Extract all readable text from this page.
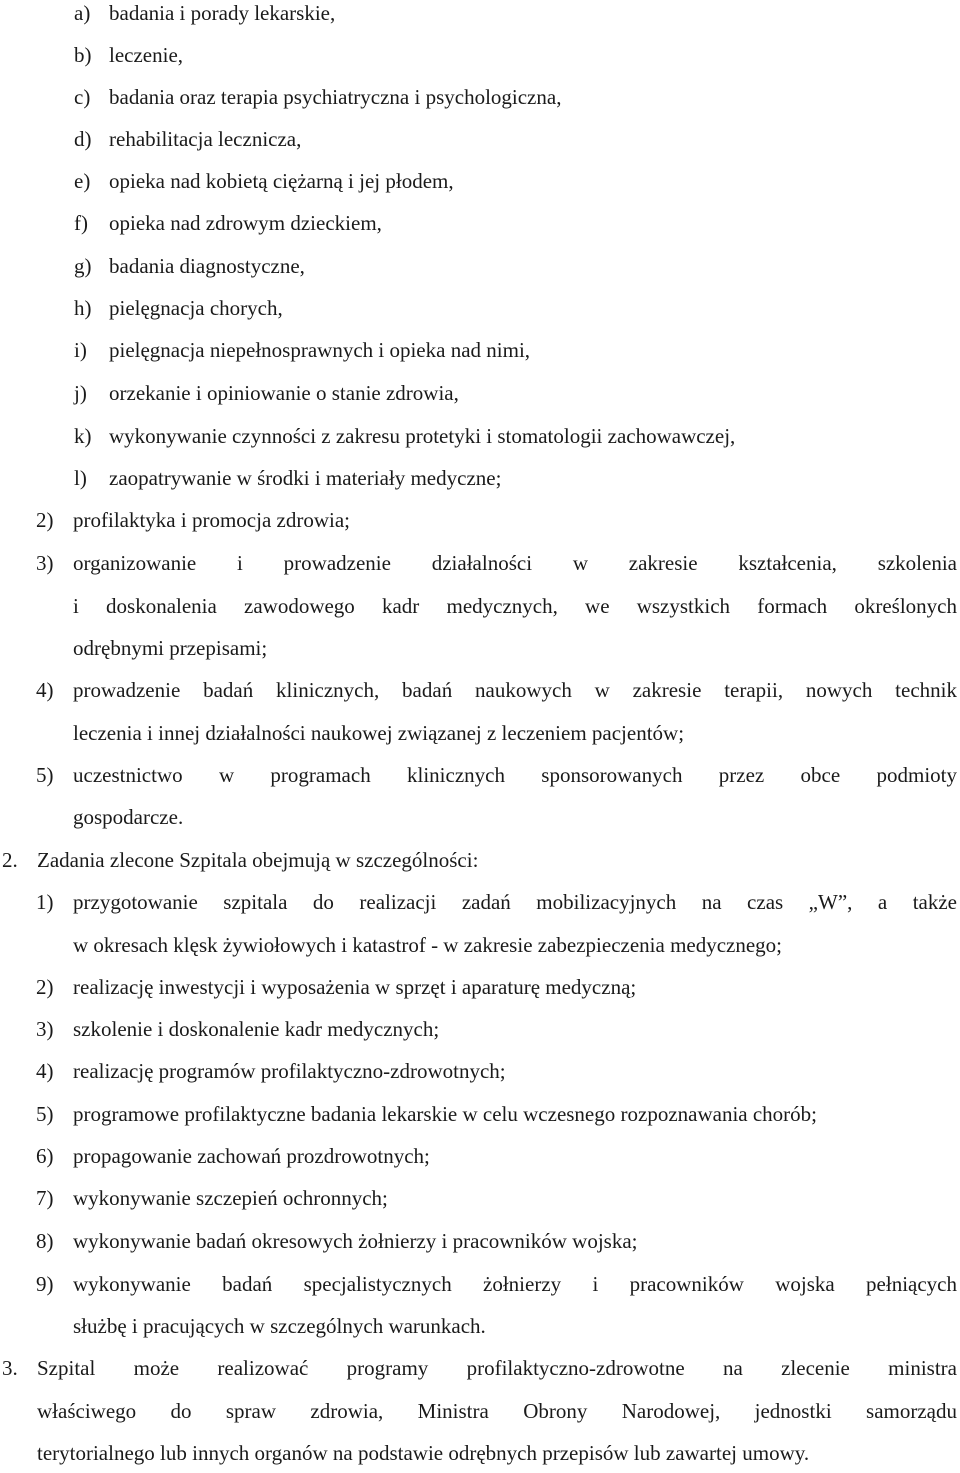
a) badania i porady lekarskie,
b) leczenie,
c) badania oraz terapia psychiatryczna i psychologiczna,
d) rehabilitacja lecznicza,
e) opieka nad kobietą ciężarną i jej płodem,
f) opieka nad zdrowym dzieckiem,
g) badania diagnostyczne,
h) pielęgnacja chorych,
i) pielęgnacja niepełnosprawnych i opieka nad nimi,
j) orzekanie i opiniowanie o stanie zdrowia,
k) wykonywanie czynności z zakresu protetyki i stomatologii zachowawczej,
l) zaopatrywanie w środki i materiały medyczne;
2) profilaktyka i promocja zdrowia;
3) organizowanie i prowadzenie działalności w zakresie kształcenia, szkolenia
i doskonalenia zawodowego kadr medycznych, we wszystkich formach określonych
odrębnymi przepisami;
4) prowadzenie badań klinicznych, badań naukowych w zakresie terapii, nowych technik
leczenia i innej działalności naukowej związanej z leczeniem pacjentów;
5) uczestnictwo w programach klinicznych sponsorowanych przez obce podmioty
gospodarcze.
2. Zadania zlecone Szpitala obejmują w szczególności:
1) przygotowanie szpitala do realizacji zadań mobilizacyjnych na czas „W”, a także
w okresach klęsk żywiołowych i katastrof - w zakresie zabezpieczenia medycznego;
2) realizację inwestycji i wyposażenia w sprzęt i aparaturę medyczną;
3) szkolenie i doskonalenie kadr medycznych;
4) realizację programów profilaktyczno-zdrowotnych;
5) programowe profilaktyczne badania lekarskie w celu wczesnego rozpoznawania chorób;
6) propagowanie zachowań prozdrowotnych;
7) wykonywanie szczepień ochronnych;
8) wykonywanie badań okresowych żołnierzy i pracowników wojska;
9) wykonywanie badań specjalistycznych żołnierzy i pracowników wojska pełniących
służbę i pracujących w szczególnych warunkach.
3. Szpital może realizować programy profilaktyczno-zdrowotne na zlecenie ministra
właściwego do spraw zdrowia, Ministra Obrony Narodowej, jednostki samorządu
terytorialnego lub innych organów na podstawie odrębnych przepisów lub zawartej umowy.
